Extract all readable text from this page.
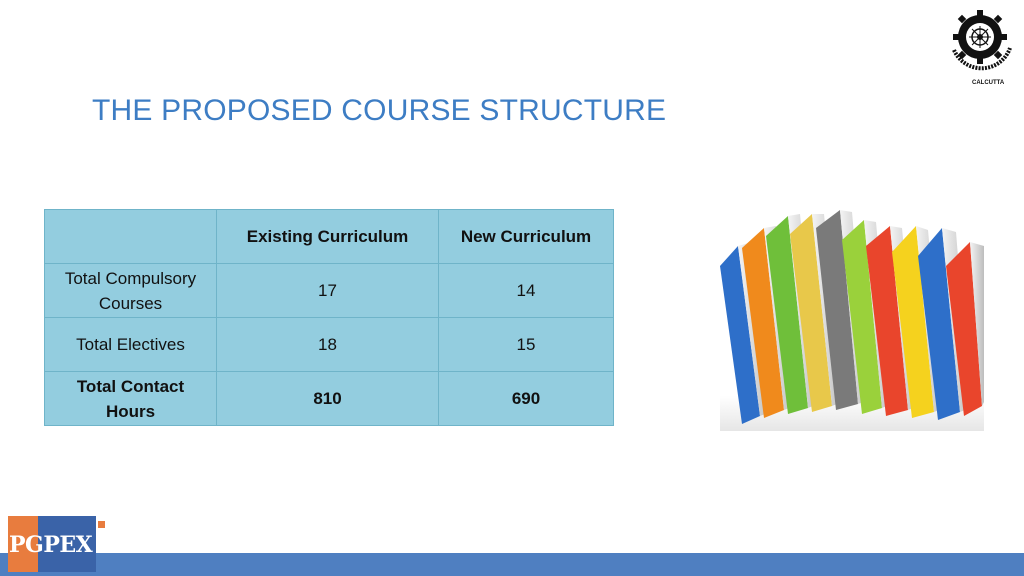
THE PROPOSED COURSE STRUCTURE
CALCUTTA
	Existing Curriculum	New Curriculum
Total Compulsory Courses	17	14
Total Electives	18	15
Total Contact Hours	810	690
PGPEX
